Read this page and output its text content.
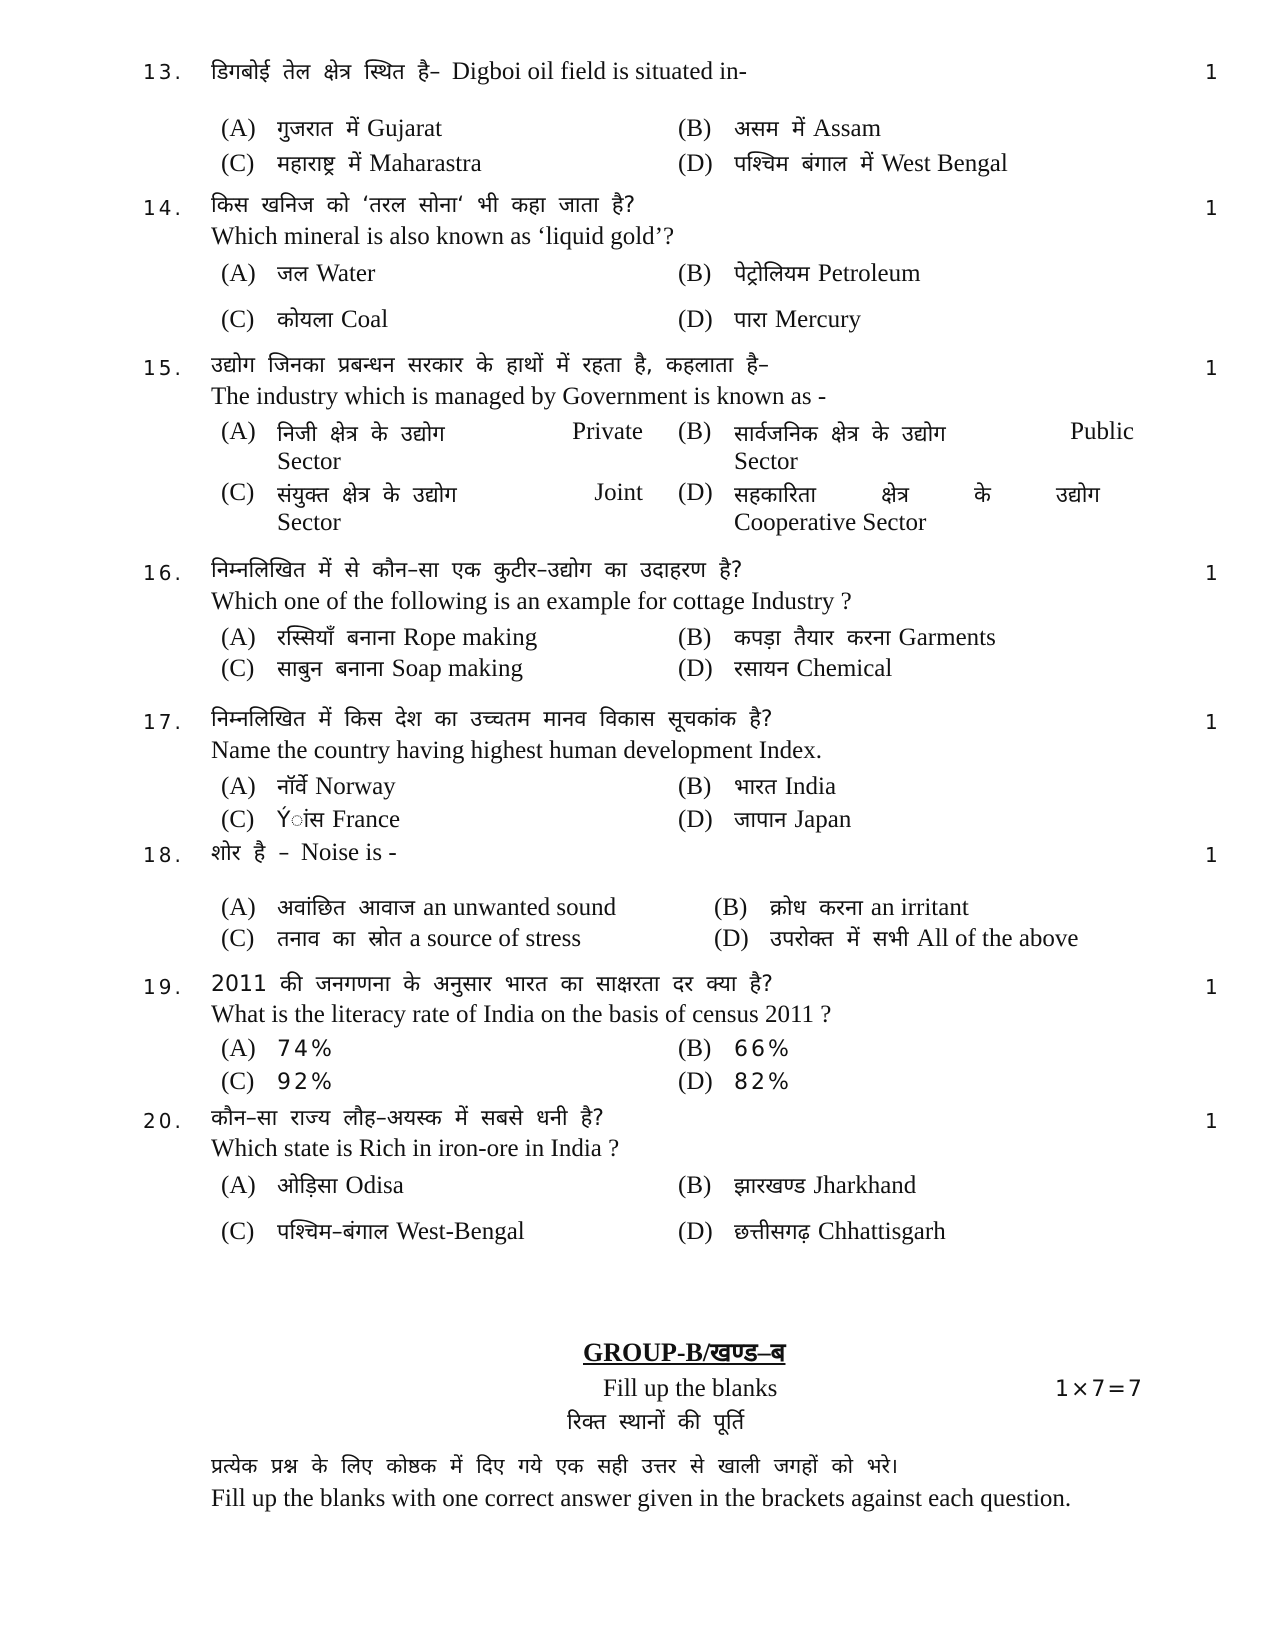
13. डिगबोई तेल क्षेत्र स्थित है– Digboi oil field is situated in-	1
(A) गुजरात में Gujarat	(B) असम में Assam
(C) महाराष्ट्र में Maharastra	(D) पश्चिम बंगाल में West Bengal
14. किस खनिज को ‘तरल सोना‘ भी कहा जाता है?
Which mineral is also known as ‘liquid gold’?
1
(A) जल Water	(B) पेट्रोलियम Petroleum
(C) कोयला Coal	(D) पारा Mercury
15. उद्योग जिनका प्रबन्धन सरकार के हाथों में रहता है, कहलाता है–
The industry which is managed by Government is known as -
1
(A) निजी क्षेत्र के उद्योग	Private
Sector
(B)	सार्वजनिक क्षेत्र के उद्योग	Public
Sector
(C)	संयुक्त क्षेत्र के उद्योग	Joint
Sector
(D) सहकारिता क्षेत्र के उद्योग
Cooperative Sector
16. निम्नलिखित में से कौन–सा एक कुटीर–उद्योग का उदाहरण है?
Which one of the following is an example for cottage Industry ?
1
(A) रस्सियाँ बनाना Rope making	(B) कपड़ा तैयार करना Garments
(C) साबुन बनाना Soap making	(D) रसायन Chemical
17. निम्नलिखित में किस देश का उच्चतम मानव विकास सूचकांक है?
Name the country having highest human development Index.
1
(A) नॉर्वे Norway	(B) भारत India
(C) Ýांस France	(D) जापान Japan
18. शोर है – Noise is -	1
(A) अवांछित आवाज an unwanted sound	(B) क्रोध करना an irritant
(C) तनाव का स्रोत a source of stress	(D) उपरोक्त में सभी All of the above
19. 2011 की जनगणना के अनुसार भारत का साक्षरता दर क्या है?
What is the literacy rate of India on the basis of census 2011 ?
1
(A) 74%	(B) 66%
(C) 92%	(D) 82%
20. कौन–सा राज्य लौह–अयस्क में सबसे धनी है?
Which state is Rich in iron-ore in India ?
1
(A) ओड़िसा Odisa	(B) झारखण्ड Jharkhand
(C) पश्चिम–बंगाल West-Bengal	(D) छत्तीसगढ़ Chhattisgarh
GROUP-B/खण्ड–ब
Fill up the blanks	1×7=7
रिक्त स्थानों की पूर्ति
प्रत्येक प्रश्न के लिए कोष्ठक में दिए गये एक सही उत्तर से खाली जगहों को भरे।
Fill up the blanks with one correct answer given in the brackets against each question.
